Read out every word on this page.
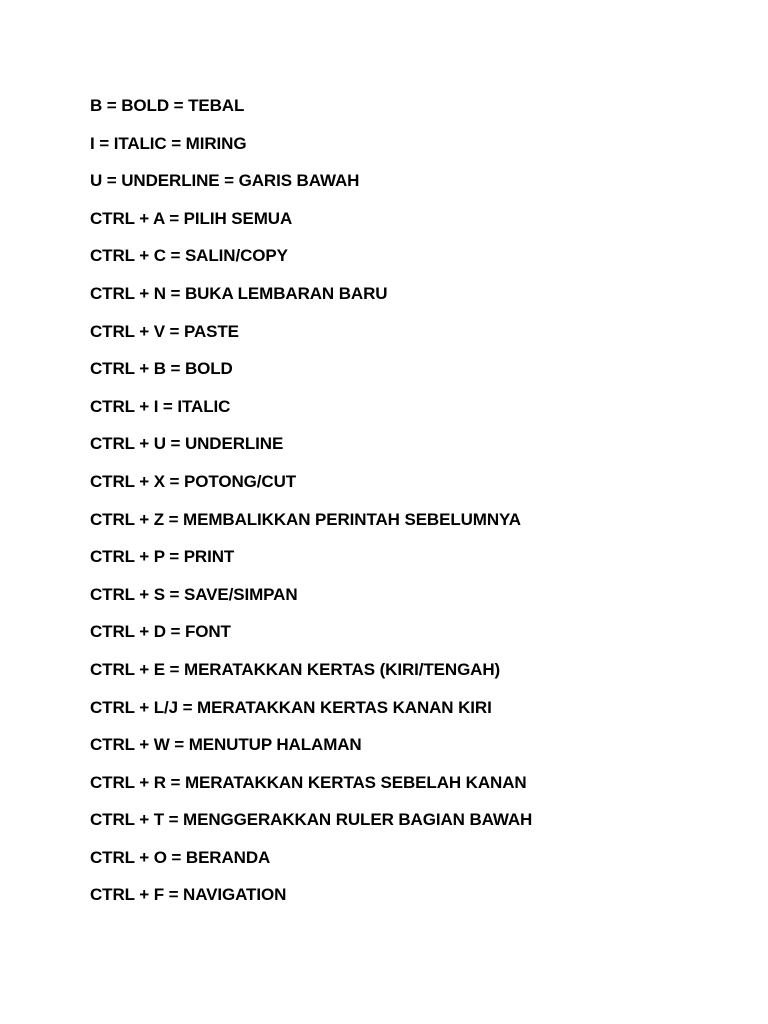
B = BOLD = TEBAL
I = ITALIC = MIRING
U = UNDERLINE = GARIS BAWAH
CTRL + A = PILIH SEMUA
CTRL + C = SALIN/COPY
CTRL + N = BUKA LEMBARAN BARU
CTRL + V = PASTE
CTRL + B = BOLD
CTRL + I = ITALIC
CTRL + U = UNDERLINE
CTRL + X = POTONG/CUT
CTRL + Z = MEMBALIKKAN PERINTAH SEBELUMNYA
CTRL + P = PRINT
CTRL + S = SAVE/SIMPAN
CTRL + D = FONT
CTRL + E = MERATAKKAN KERTAS (KIRI/TENGAH)
CTRL + L/J = MERATAKKAN KERTAS KANAN KIRI
CTRL + W = MENUTUP HALAMAN
CTRL + R = MERATAKKAN KERTAS SEBELAH KANAN
CTRL + T = MENGGERAKKAN RULER BAGIAN BAWAH
CTRL + O = BERANDA
CTRL + F = NAVIGATION
